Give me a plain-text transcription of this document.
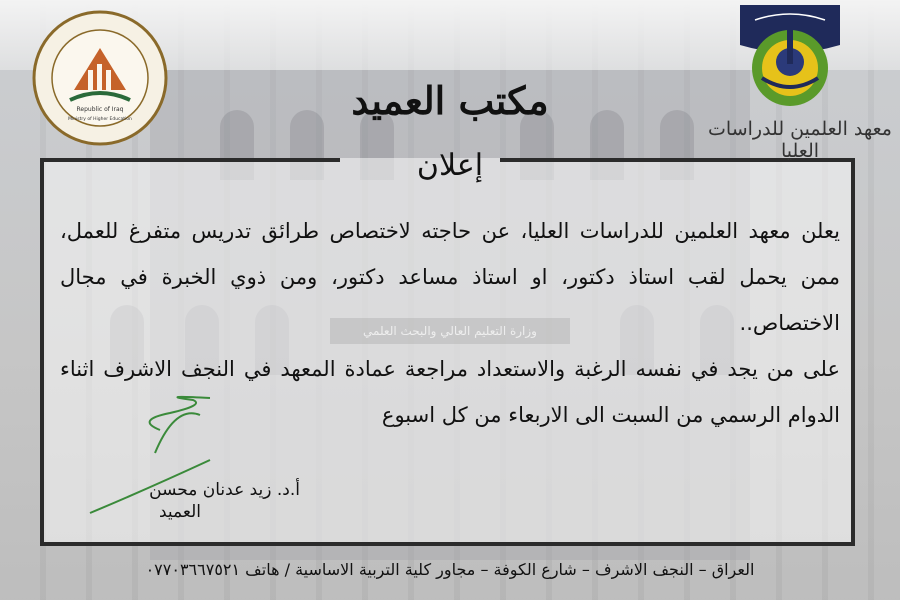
Republic of Iraq
Ministry of Higher Education	معهد العلمين للدراسات العليا
مكتب العميد
إعلان

يعلن معهد العلمين للدراسات العليا، عن حاجته لاختصاص طرائق تدريس متفرغ للعمل، ممن يحمل لقب استاذ دكتور، او استاذ مساعد دكتور، ومن ذوي الخبرة في مجال الاختصاص..

على من يجد في نفسه الرغبة والاستعداد مراجعة عمادة المعهد في النجف الاشرف اثناء الدوام الرسمي من السبت الى الاربعاء من كل اسبوع

أ.د. زيد عدنان محسن
العميد
العراق – النجف الاشرف – شارع الكوفة – مجاور كلية التربية الاساسية / هاتف ٠٧٧٠٣٦٦٧٥٢١
